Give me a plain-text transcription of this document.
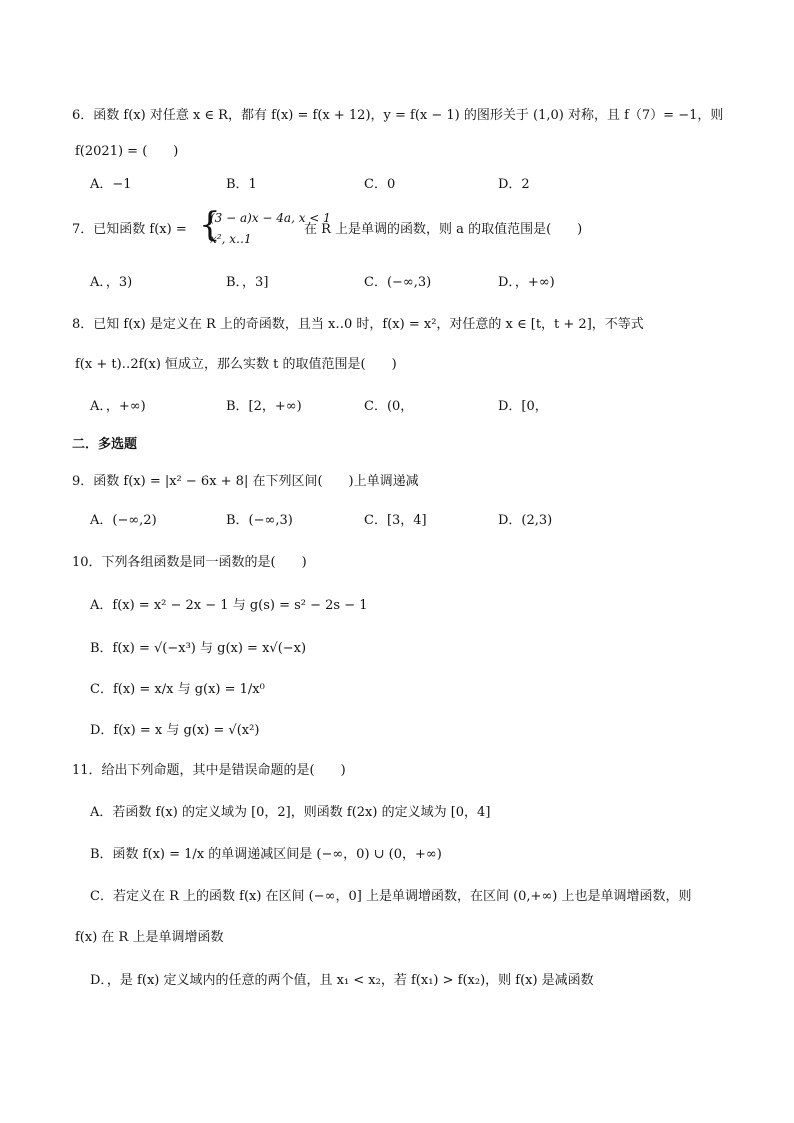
6．函数 f(x) 对任意 x ∈ R，都有 f(x) = f(x + 12)，y = f(x − 1) 的图形关于 (1,0) 对称，且 f（7）= −1，则
f(2021) = (　　)
A．−1	B．1	C．0	D．2
7．已知函数 f(x) = {
(3 − a)x − 4a, x < 1
x², x‥1
在 R 上是单调的函数，则 a 的取值范围是(　　)
A．，3)	B．，3]	C．(−∞,3)	D．，+∞)
8．已知 f(x) 是定义在 R 上的奇函数，且当 x‥0 时，f(x) = x²，对任意的 x ∈ [t，t + 2]，不等式
f(x + t)‥2f(x) 恒成立，那么实数 t 的取值范围是(　　)
A．，+∞)	B．[2，+∞)	C．(0，	D．[0，
二．多选题
9．函数 f(x) = |x² − 6x + 8| 在下列区间(　　)上单调递减
A．(−∞,2)	B．(−∞,3)	C．[3，4]	D．(2,3)
10．下列各组函数是同一函数的是(　　)
A．f(x) = x² − 2x − 1 与 g(s) = s² − 2s − 1
B．f(x) = √(−x³) 与 g(x) = x√(−x)
C．f(x) = x/x 与 g(x) = 1/x⁰
D．f(x) = x 与 g(x) = √(x²)
11．给出下列命题，其中是错误命题的是(　　)
A．若函数 f(x) 的定义域为 [0，2]，则函数 f(2x) 的定义域为 [0，4]
B．函数 f(x) = 1/x 的单调递减区间是 (−∞，0) ∪ (0，+∞)
C．若定义在 R 上的函数 f(x) 在区间 (−∞，0] 上是单调增函数，在区间 (0,+∞) 上也是单调增函数，则
f(x) 在 R 上是单调增函数
D．，是 f(x) 定义域内的任意的两个值，且 x₁ < x₂，若 f(x₁) > f(x₂)，则 f(x) 是减函数
